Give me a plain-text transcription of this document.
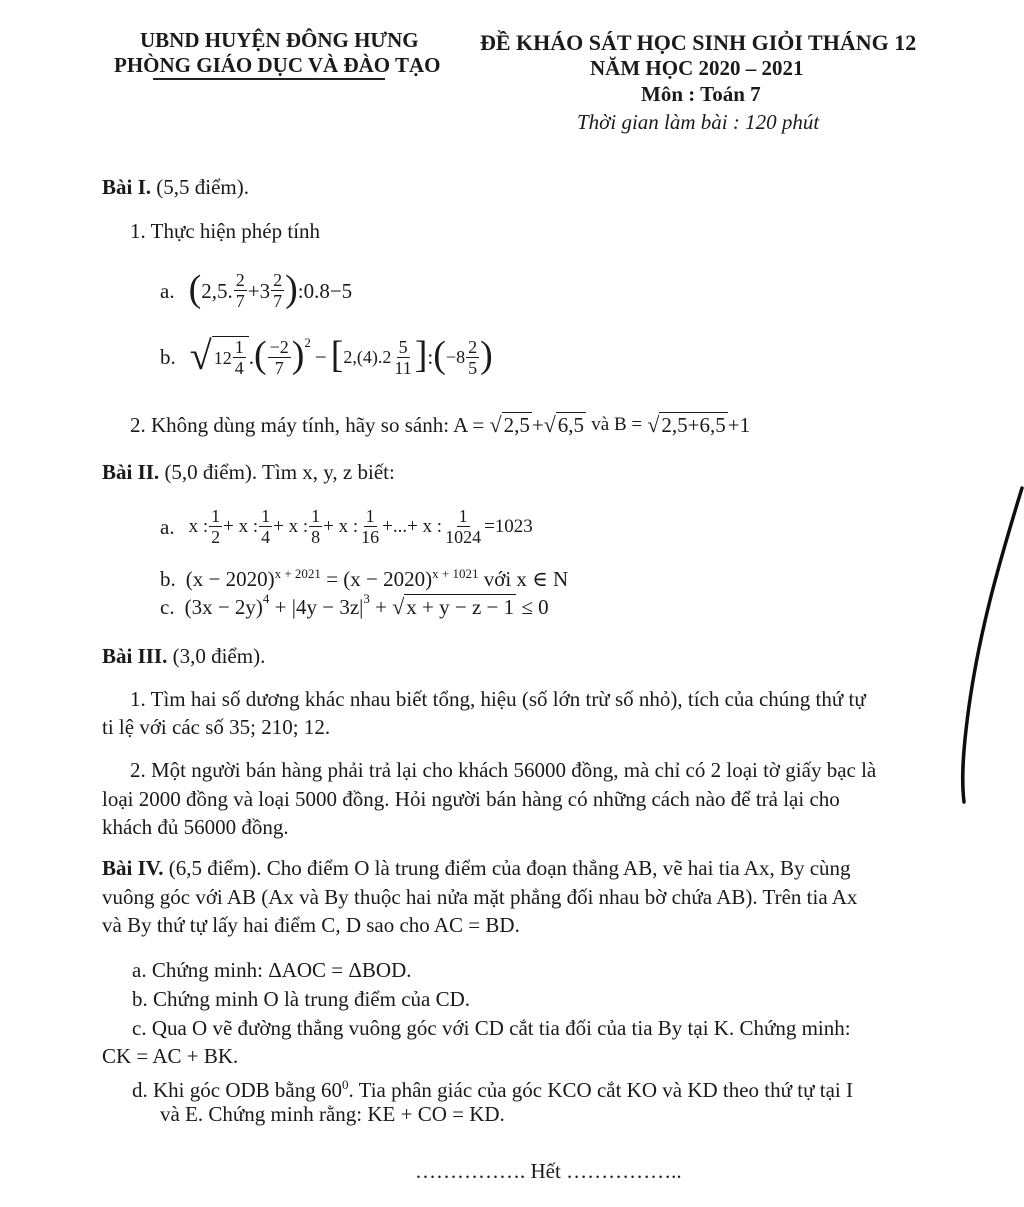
UBND HUYỆN ĐÔNG HƯNG
PHÒNG GIÁO DỤC VÀ ĐÀO TẠO
ĐỀ KHÁO SÁT HỌC SINH GIỎI THÁNG 12
NĂM HỌC 2020 – 2021
Môn : Toán 7
Thời gian làm bài : 120 phút
Bài I. (5,5 điểm).
1. Thực hiện phép tính
a. ( 2,5. $\frac{2}{7} +3 \frac{2}{7}$ ) :0.8−5
b. √ $12 \frac{1}{4}$ . ( $\frac{-2}{7}$ ) 2
− [ $2,(4).2 \frac{5}{11}$ ] : ( $-8 \frac{2}{5}$ )
2. Không dùng máy tính, hãy so sánh: A =
√2,5 + √6,5
và B =
√2,5+6,5 +1
Bài II. (5,0 điểm). Tìm x, y, z biết:
a. x : $\frac{1}{2} + x$ : $\frac{1}{4} + x$ : $\frac{1}{8} + x$ : $\frac{1}{16}$ +...+ x : $\frac{1}{1024} =1023$
b. $(x - 2020)^{x + 2021} = (x - 2020)^{x + 1021}$ với x ∈ N
c. (3x − 2y) 4 + |4y − 3z| 3 + √x + y − z − 1 ≤ 0
Bài III. (3,0 điểm).
1. Tìm hai số dương khác nhau biết tổng, hiệu (số lớn trừ số nhỏ), tích của chúng thứ tự
ti lệ với các số 35; 210; 12.
2. Một người bán hàng phải trả lại cho khách 56000 đồng, mà chỉ có 2 loại tờ giấy bạc là
loại 2000 đồng và loại 5000 đồng. Hỏi người bán hàng có những cách nào để trả lại cho
khách đủ 56000 đồng.
Bài IV. (6,5 điểm). Cho điểm O là trung điểm của đoạn thẳng AB, vẽ hai tia Ax, By cùng
vuông góc với AB (Ax và By thuộc hai nửa mặt phẳng đối nhau bờ chứa AB). Trên tia Ax
và By thứ tự lấy hai điểm C, D sao cho AC = BD.
a. Chứng minh: ΔAOC = ΔBOD.
b. Chứng minh O là trung điểm của CD.
c. Qua O vẽ đường thẳng vuông góc với CD cắt tia đối của tia By tại K. Chứng minh:
CK = AC + BK.
d. Khi góc ODB bằng $60^0$. Tia phân giác của góc KCO cắt KO và KD theo thứ tự tại I
và E. Chứng minh rằng: KE + CO = KD.
……………. Hết ……………..
